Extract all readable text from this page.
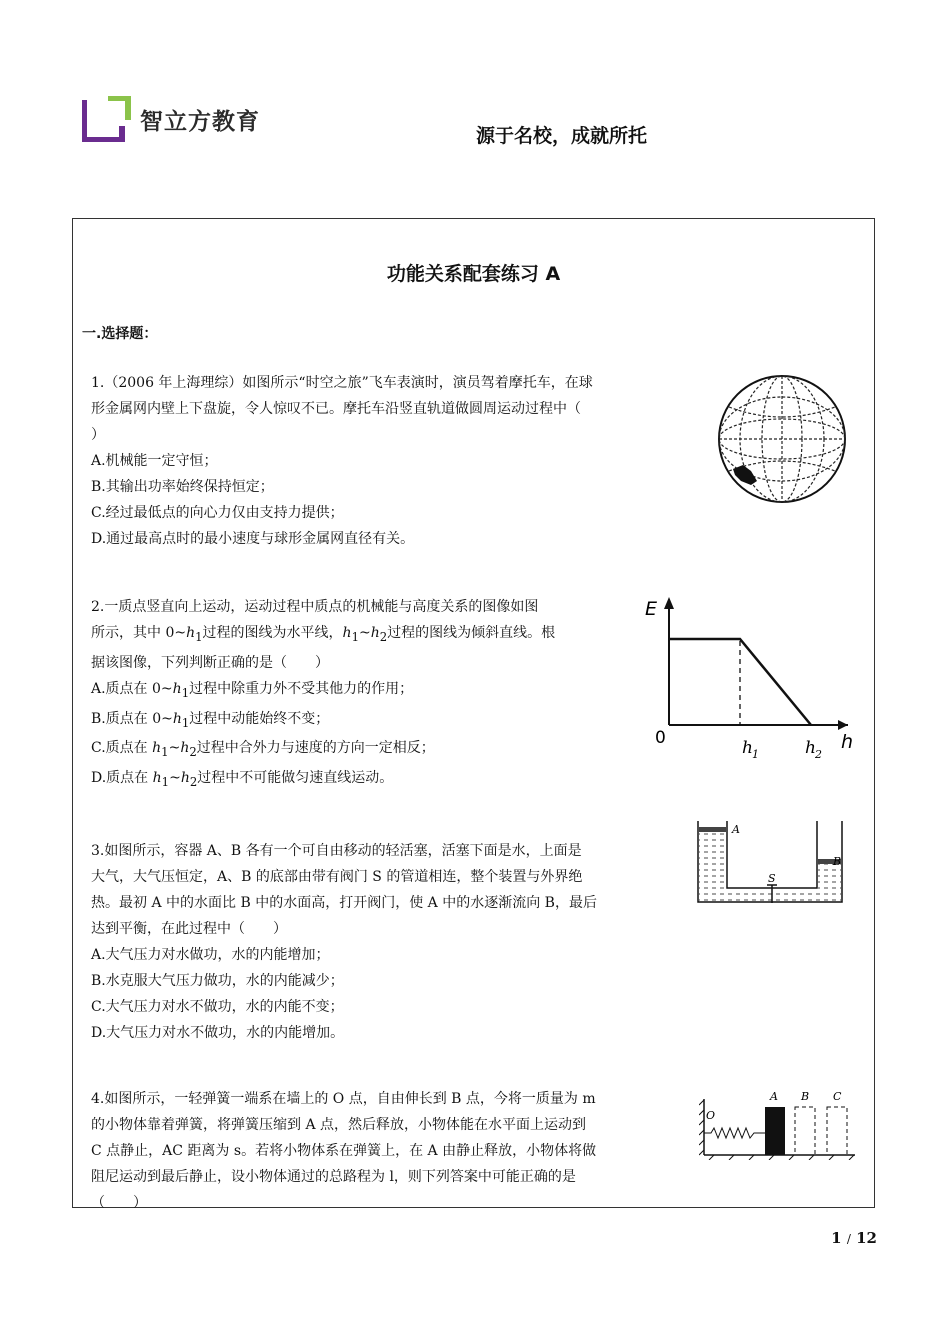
智立方教育
源于名校，成就所托
功能关系配套练习 A
一.选择题：

1.（2006 年上海理综）如图所示“时空之旅”飞车表演时，演员驾着摩托车，在球

形金属网内壁上下盘旋，令人惊叹不已。摩托车沿竖直轨道做圆周运动过程中（

）

A.机械能一定守恒；

B.其输出功率始终保持恒定；

C.经过最低点的向心力仅由支持力提供；

D.通过最高点时的最小速度与球形金属网直径有关。

2.一质点竖直向上运动，运动过程中质点的机械能与高度关系的图像如图

所示，其中 $0\sim h_1$过程的图线为水平线，$h_1\sim h_2$过程的图线为倾斜直线。根

据该图像，下列判断正确的是（　　）

A.质点在 $0\sim h_1$过程中除重力外不受其他力的作用；

B.质点在 $0\sim h_1$过程中动能始终不变；

C.质点在 $h_1\sim h_2$过程中合外力与速度的方向一定相反；

D.质点在 $h_1\sim h_2$过程中不可能做匀速直线运动。

E
0	h
h 1	h 2

3.如图所示，容器 A、B 各有一个可自由移动的轻活塞，活塞下面是水，上面是

大气，大气压恒定，A、B 的底部由带有阀门 S 的管道相连，整个装置与外界绝

热。最初 A 中的水面比 B 中的水面高，打开阀门，使 A 中的水逐渐流向 B，最后

达到平衡，在此过程中（　　）

A.大气压力对水做功，水的内能增加；

B.水克服大气压力做功，水的内能减少；

C.大气压力对水不做功，水的内能不变；

D.大气压力对水不做功，水的内能增加。

A
B
S

4.如图所示，一轻弹簧一端系在墙上的 O 点，自由伸长到 B 点，今将一质量为 m

的小物体靠着弹簧，将弹簧压缩到 A 点，然后释放，小物体能在水平面上运动到

C 点静止，AC 距离为 s。若将小物体系在弹簧上，在 A 由静止释放，小物体将做

阻尼运动到最后静止，设小物体通过的总路程为 l，则下列答案中可能正确的是

（　　）

O
A B C
1 / 12
